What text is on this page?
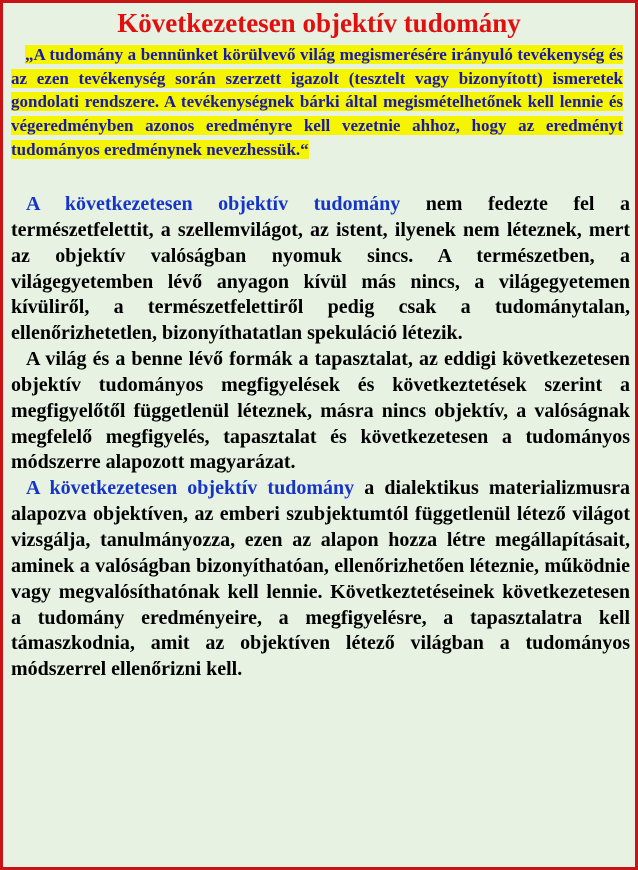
Következetesen objektív tudomány

„A tudomány a bennünket körülvevő világ megismerésére irányuló tevékenység és az ezen tevékenység során szerzett igazolt (tesztelt vagy bizonyított) ismeretek gondolati rendszere. A tevékenységnek bárki által megismételhetőnek kell lennie és végeredményben azonos eredményre kell vezetnie ahhoz, hogy az eredményt tudományos eredménynek nevezhessük.“

A következetesen objektív tudomány nem fedezte fel a természetfelettit, a szellemvilágot, az istent, ilyenek nem léteznek, mert az objektív valóságban nyomuk sincs. A természetben, a világegyetemben lévő anyagon kívül más nincs, a világegyetemen kívüliről, a természetfelettiről pedig csak a tudománytalan, ellenőrizhetetlen, bizonyíthatatlan spekuláció létezik.

A világ és a benne lévő formák a tapasztalat, az eddigi következetesen objektív tudományos megfigyelések és következtetések szerint a megfigyelőtől függetlenül léteznek, másra nincs objektív, a valóságnak megfelelő megfigyelés, tapasztalat és következetesen a tudományos módszerre alapozott magyarázat.

A következetesen objektív tudomány a dialektikus materializmusra alapozva objektíven, az emberi szubjektumtól függetlenül létező világot vizsgálja, tanulmányozza, ezen az alapon hozza létre megállapításait, aminek a valóságban bizonyíthatóan, ellenőrizhetően léteznie, működnie vagy megvalósíthatónak kell lennie. Következtetéseinek következetesen a tudomány eredményeire, a megfigyelésre, a tapasztalatra kell támaszkodnia, amit az objektíven létező világban a tudományos módszerrel ellenőrizni kell.
